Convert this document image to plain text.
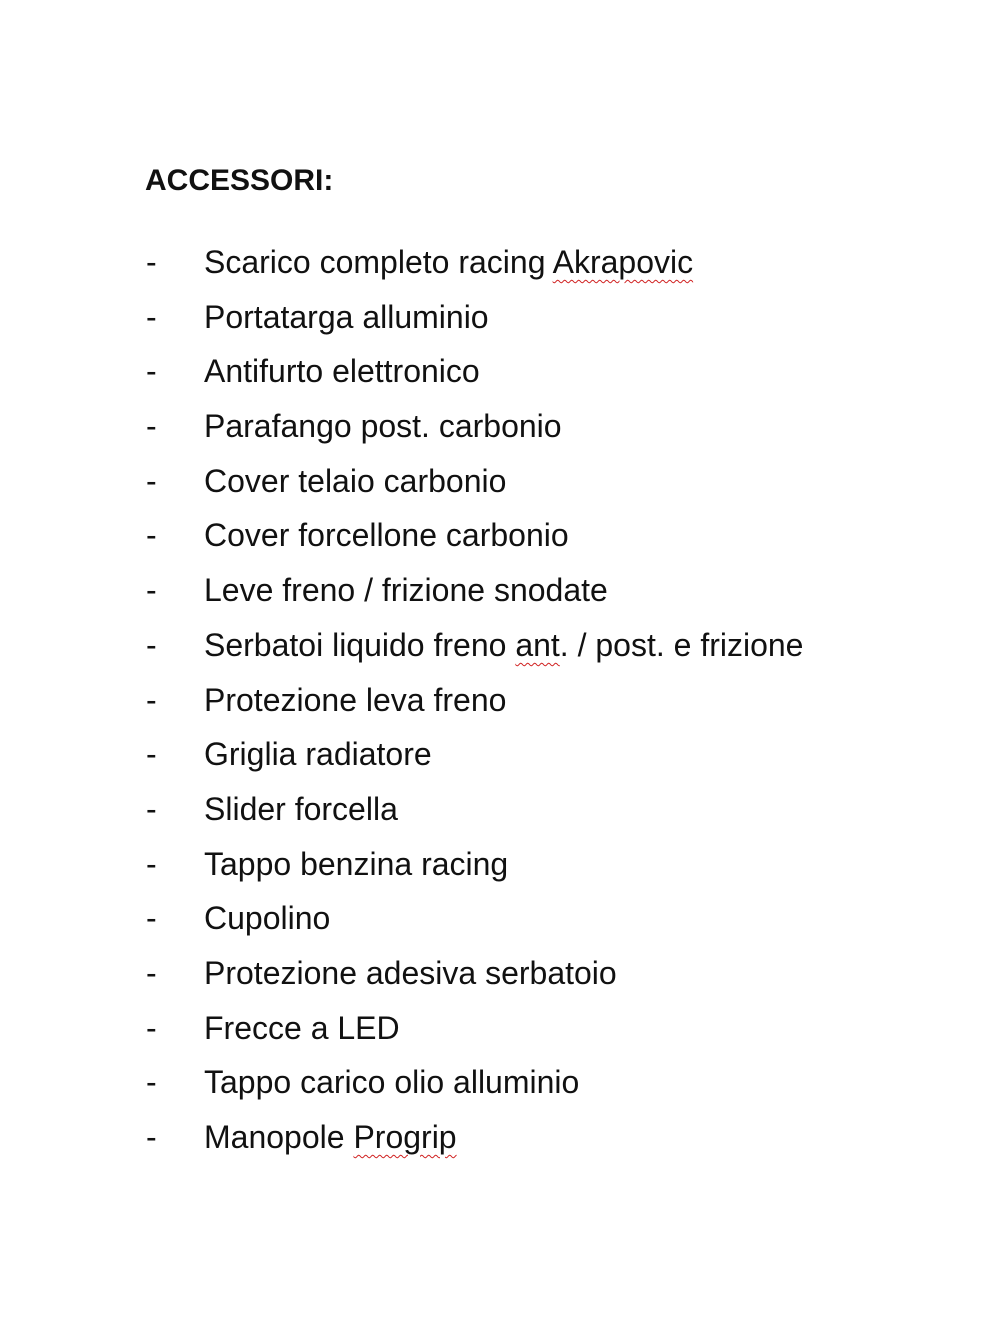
ACCESSORI:
- Scarico completo racing Akrapovic
- Portatarga alluminio
- Antifurto elettronico
- Parafango post. carbonio
- Cover telaio carbonio
- Cover forcellone carbonio
- Leve freno / frizione snodate
- Serbatoi liquido freno ant. / post. e frizione
- Protezione leva freno
- Griglia radiatore
- Slider forcella
- Tappo benzina racing
- Cupolino
- Protezione adesiva serbatoio
- Frecce a LED
- Tappo carico olio alluminio
- Manopole Progrip
